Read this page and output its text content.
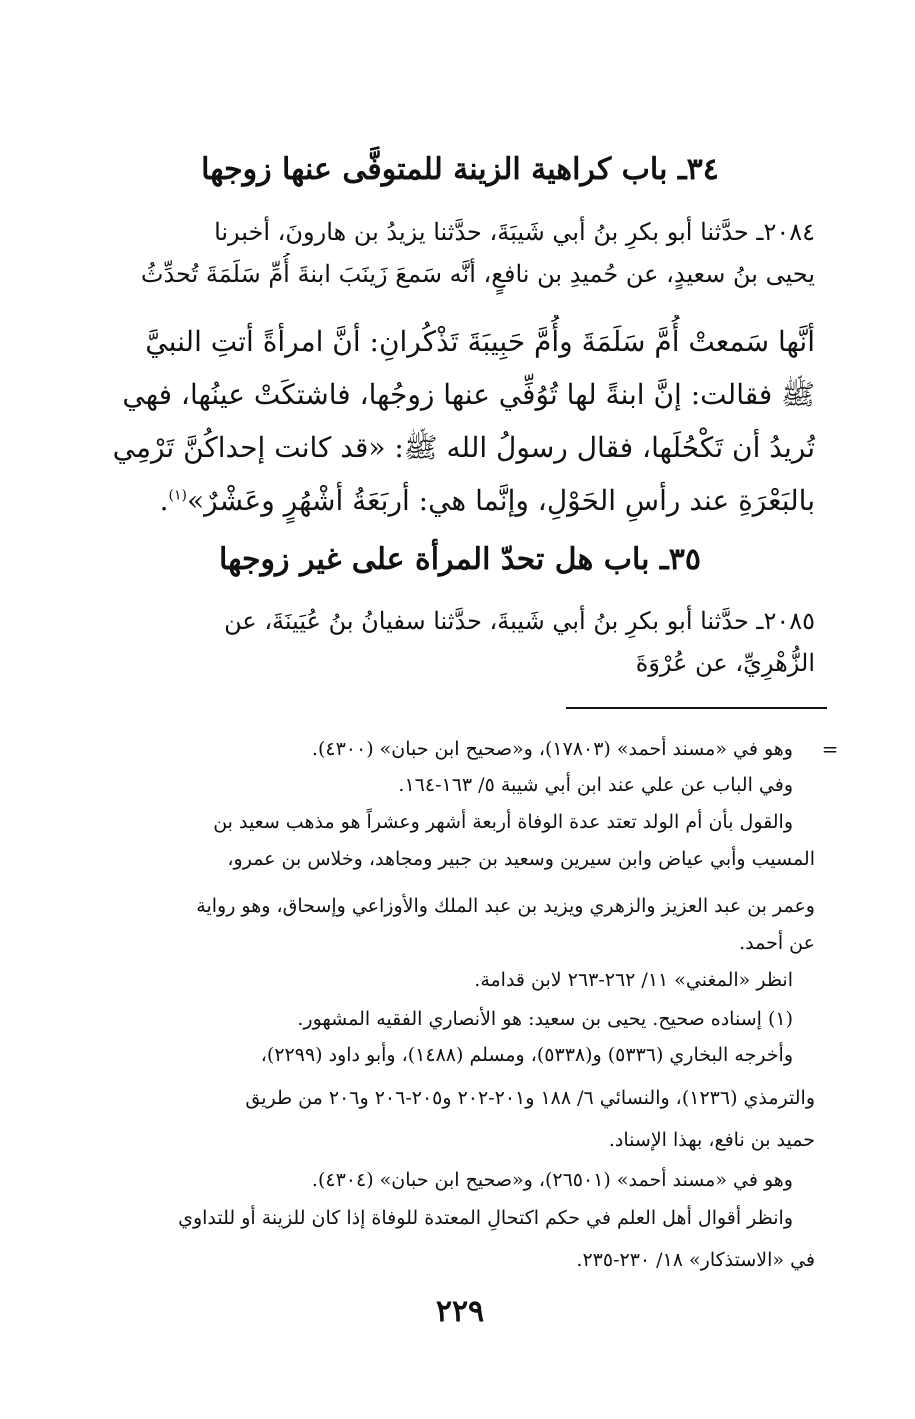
٣٤ـ باب كراهية الزينة للمتوفَّى عنها زوجها
٢٠٨٤ـ حدَّثنا أبو بكرِ بنُ أبي شَيبَةَ، حدَّثنا يزيدُ بن هارونَ، أخبرنا
يحيى بنُ سعيدٍ، عن حُميدِ بن نافعٍ، أنَّه سَمعَ زَينَبَ ابنةَ أُمِّ سَلَمَةَ تُحدِّثُ
أنَّها سَمعتْ أُمَّ سَلَمَةَ وأُمَّ حَبِيبَةَ تَذْكُرانِ: أنَّ امرأةً أتتِ النبيَّ
ﷺ فقالت: إنَّ ابنةً لها تُوُفِّي عنها زوجُها، فاشتكَتْ عينُها، فهي
تُريدُ أن تَكْحُلَها، فقال رسولُ الله ﷺ: «قد كانت إحداكُنَّ تَرْمِي
بالبَعْرَةِ عند رأسِ الحَوْلِ، وإنَّما هي: أربَعَةُ أشْهُرٍ وعَشْرٌ»$^{(١)}$.
٣٥ـ باب هل تحدّ المرأة على غير زوجها
٢٠٨٥ـ حدَّثنا أبو بكرِ بنُ أبي شَيبةَ، حدَّثنا سفيانُ بنُ عُيَينَةَ، عن
الزُّهْرِيِّ، عن عُرْوَةَ
=
وهو في «مسند أحمد» (١٧٨٠٣)، و«صحيح ابن حبان» (٤٣٠٠).
وفي الباب عن علي عند ابن أبي شيبة ٥/ ١٦٣-١٦٤.
والقول بأن أم الولد تعتد عدة الوفاة أربعة أشهر وعشراً هو مذهب سعيد بن
المسيب وأبي عياض وابن سيرين وسعيد بن جبير ومجاهد، وخلاس بن عمرو،
وعمر بن عبد العزيز والزهري ويزيد بن عبد الملك والأوزاعي وإسحاق، وهو رواية
عن أحمد.
انظر «المغني» ١١/ ٢٦٢-٢٦٣ لابن قدامة.
(١) إسناده صحيح. يحيى بن سعيد: هو الأنصاري الفقيه المشهور.
وأخرجه البخاري (٥٣٣٦) و(٥٣٣٨)، ومسلم (١٤٨٨)، وأبو داود (٢٢٩٩)،
والترمذي (١٢٣٦)، والنسائي ٦/ ١٨٨ و٢٠١-٢٠٢ و٢٠٥-٢٠٦ و٢٠٦ من طريق
حميد بن نافع، بهذا الإسناد.
وهو في «مسند أحمد» (٢٦٥٠١)، و«صحيح ابن حبان» (٤٣٠٤).
وانظر أقوال أهل العلم في حكم اكتحالِ المعتدة للوفاة إذا كان للزينة أو للتداوي
في «الاستذكار» ١٨/ ٢٣٠-٢٣٥.
٢٢٩
